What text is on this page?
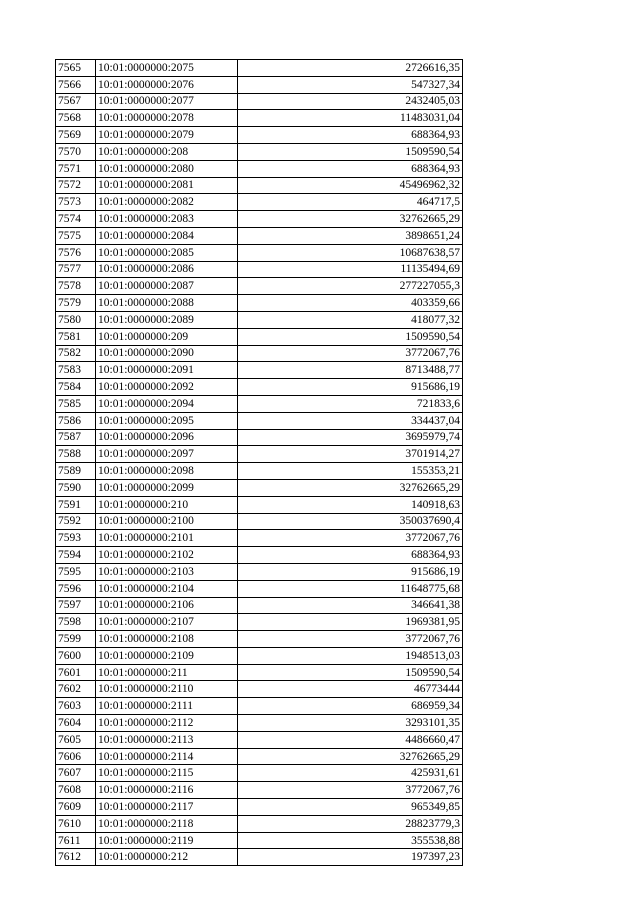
7565	10:01:0000000:2075	2726616,35
7566	10:01:0000000:2076	547327,34
7567	10:01:0000000:2077	2432405,03
7568	10:01:0000000:2078	11483031,04
7569	10:01:0000000:2079	688364,93
7570	10:01:0000000:208	1509590,54
7571	10:01:0000000:2080	688364,93
7572	10:01:0000000:2081	45496962,32
7573	10:01:0000000:2082	464717,5
7574	10:01:0000000:2083	32762665,29
7575	10:01:0000000:2084	3898651,24
7576	10:01:0000000:2085	10687638,57
7577	10:01:0000000:2086	11135494,69
7578	10:01:0000000:2087	277227055,3
7579	10:01:0000000:2088	403359,66
7580	10:01:0000000:2089	418077,32
7581	10:01:0000000:209	1509590,54
7582	10:01:0000000:2090	3772067,76
7583	10:01:0000000:2091	8713488,77
7584	10:01:0000000:2092	915686,19
7585	10:01:0000000:2094	721833,6
7586	10:01:0000000:2095	334437,04
7587	10:01:0000000:2096	3695979,74
7588	10:01:0000000:2097	3701914,27
7589	10:01:0000000:2098	155353,21
7590	10:01:0000000:2099	32762665,29
7591	10:01:0000000:210	140918,63
7592	10:01:0000000:2100	350037690,4
7593	10:01:0000000:2101	3772067,76
7594	10:01:0000000:2102	688364,93
7595	10:01:0000000:2103	915686,19
7596	10:01:0000000:2104	11648775,68
7597	10:01:0000000:2106	346641,38
7598	10:01:0000000:2107	1969381,95
7599	10:01:0000000:2108	3772067,76
7600	10:01:0000000:2109	1948513,03
7601	10:01:0000000:211	1509590,54
7602	10:01:0000000:2110	46773444
7603	10:01:0000000:2111	686959,34
7604	10:01:0000000:2112	3293101,35
7605	10:01:0000000:2113	4486660,47
7606	10:01:0000000:2114	32762665,29
7607	10:01:0000000:2115	425931,61
7608	10:01:0000000:2116	3772067,76
7609	10:01:0000000:2117	965349,85
7610	10:01:0000000:2118	28823779,3
7611	10:01:0000000:2119	355538,88
7612	10:01:0000000:212	197397,23
